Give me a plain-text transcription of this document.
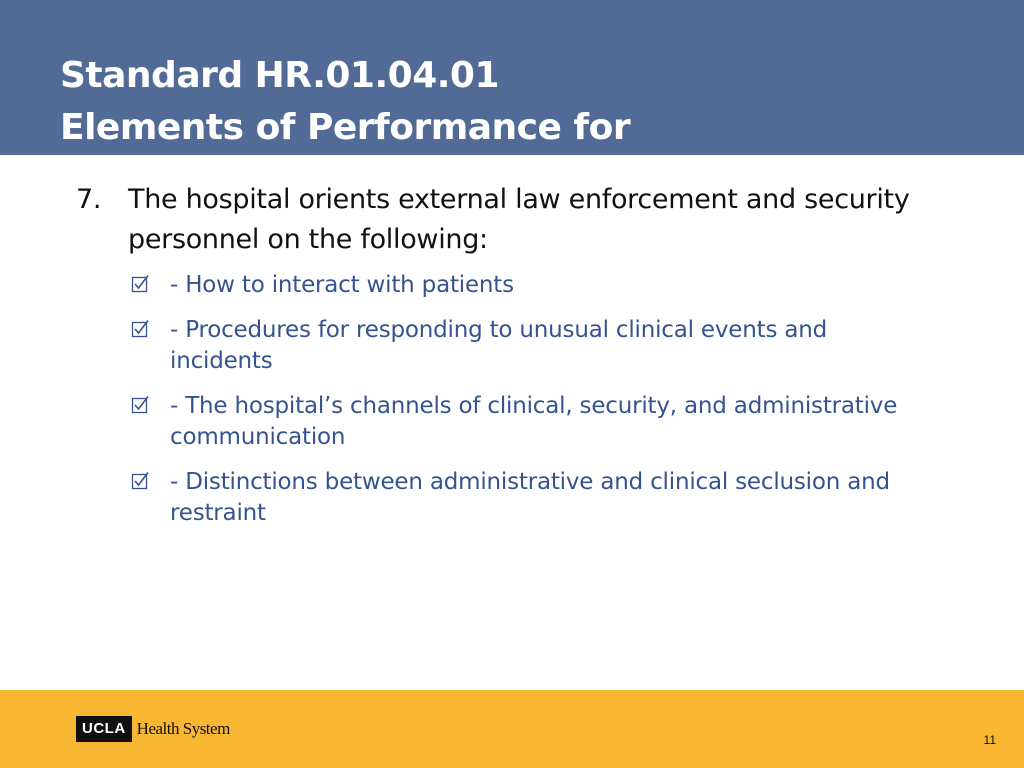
Standard HR.01.04.01
Elements of Performance for
7. The hospital orients external law enforcement and security personnel on the following:
- How to interact with patients
- Procedures for responding to unusual clinical events and incidents
- The hospital’s channels of clinical, security, and administrative communication
- Distinctions between administrative and clinical seclusion and restraint
UCLA Health System
11
